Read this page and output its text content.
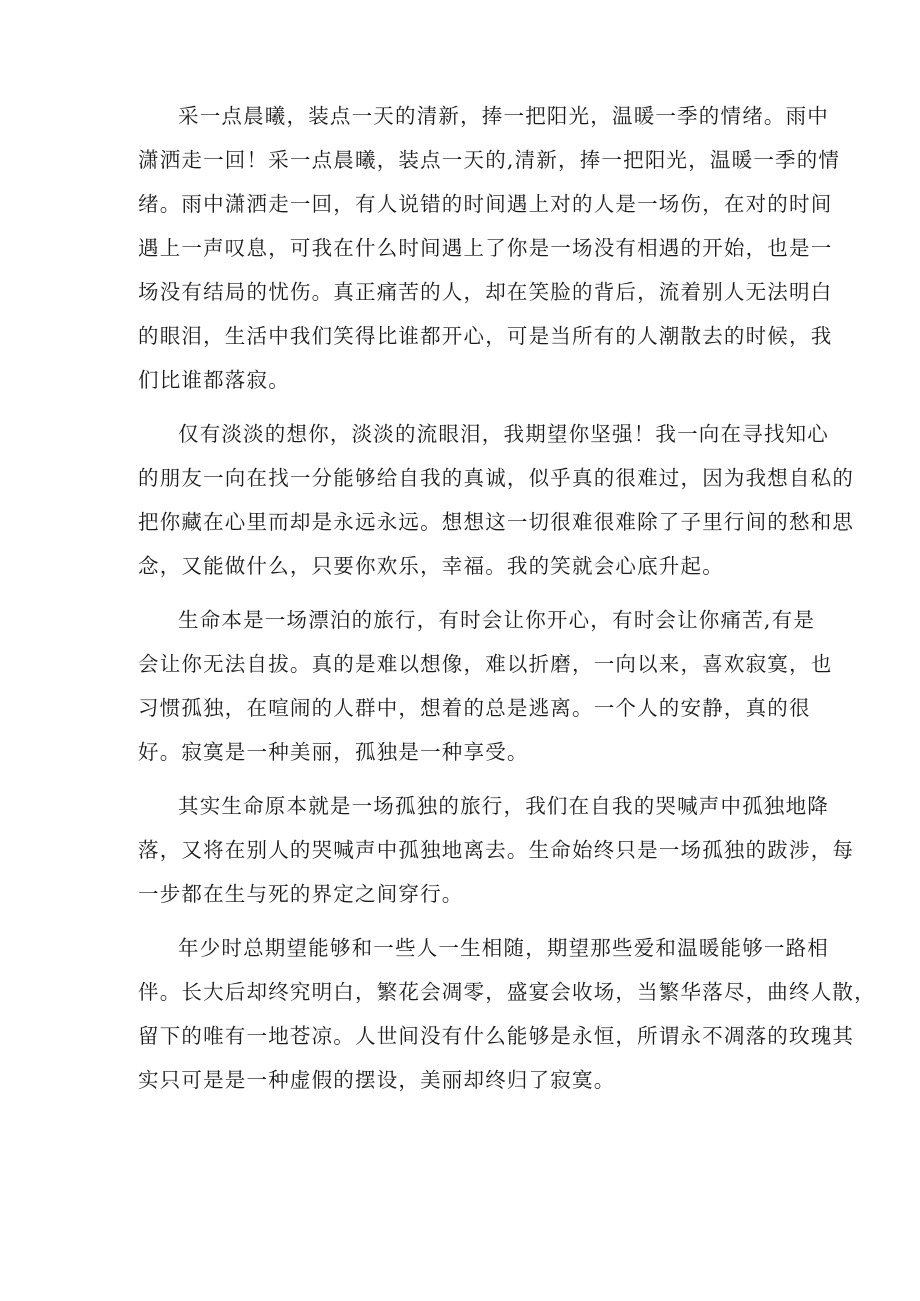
采一点晨曦，装点一天的清新，捧一把阳光，温暖一季的情绪。雨中
潇洒走一回！采一点晨曦，装点一天的,清新，捧一把阳光，温暖一季的情
绪。雨中潇洒走一回，有人说错的时间遇上对的人是一场伤，在对的时间
遇上一声叹息，可我在什么时间遇上了你是一场没有相遇的开始，也是一
场没有结局的忧伤。真正痛苦的人，却在笑脸的背后，流着别人无法明白
的眼泪，生活中我们笑得比谁都开心，可是当所有的人潮散去的时候，我
们比谁都落寂。

仅有淡淡的想你，淡淡的流眼泪，我期望你坚强！我一向在寻找知心
的朋友一向在找一分能够给自我的真诚，似乎真的很难过，因为我想自私的
把你藏在心里而却是永远永远。想想这一切很难很难除了子里行间的愁和思
念，又能做什么，只要你欢乐，幸福。我的笑就会心底升起。

生命本是一场漂泊的旅行，有时会让你开心，有时会让你痛苦,有是
会让你无法自拔。真的是难以想像，难以折磨，一向以来，喜欢寂寞，也
习惯孤独，在喧闹的人群中，想着的总是逃离。一个人的安静，真的很
好。寂寞是一种美丽，孤独是一种享受。

其实生命原本就是一场孤独的旅行，我们在自我的哭喊声中孤独地降
落，又将在别人的哭喊声中孤独地离去。生命始终只是一场孤独的跋涉，每
一步都在生与死的界定之间穿行。

年少时总期望能够和一些人一生相随，期望那些爱和温暖能够一路相
伴。长大后却终究明白，繁花会凋零，盛宴会收场，当繁华落尽，曲终人散，
留下的唯有一地苍凉。人世间没有什么能够是永恒，所谓永不凋落的玫瑰其
实只可是是一种虚假的摆设，美丽却终归了寂寞。
